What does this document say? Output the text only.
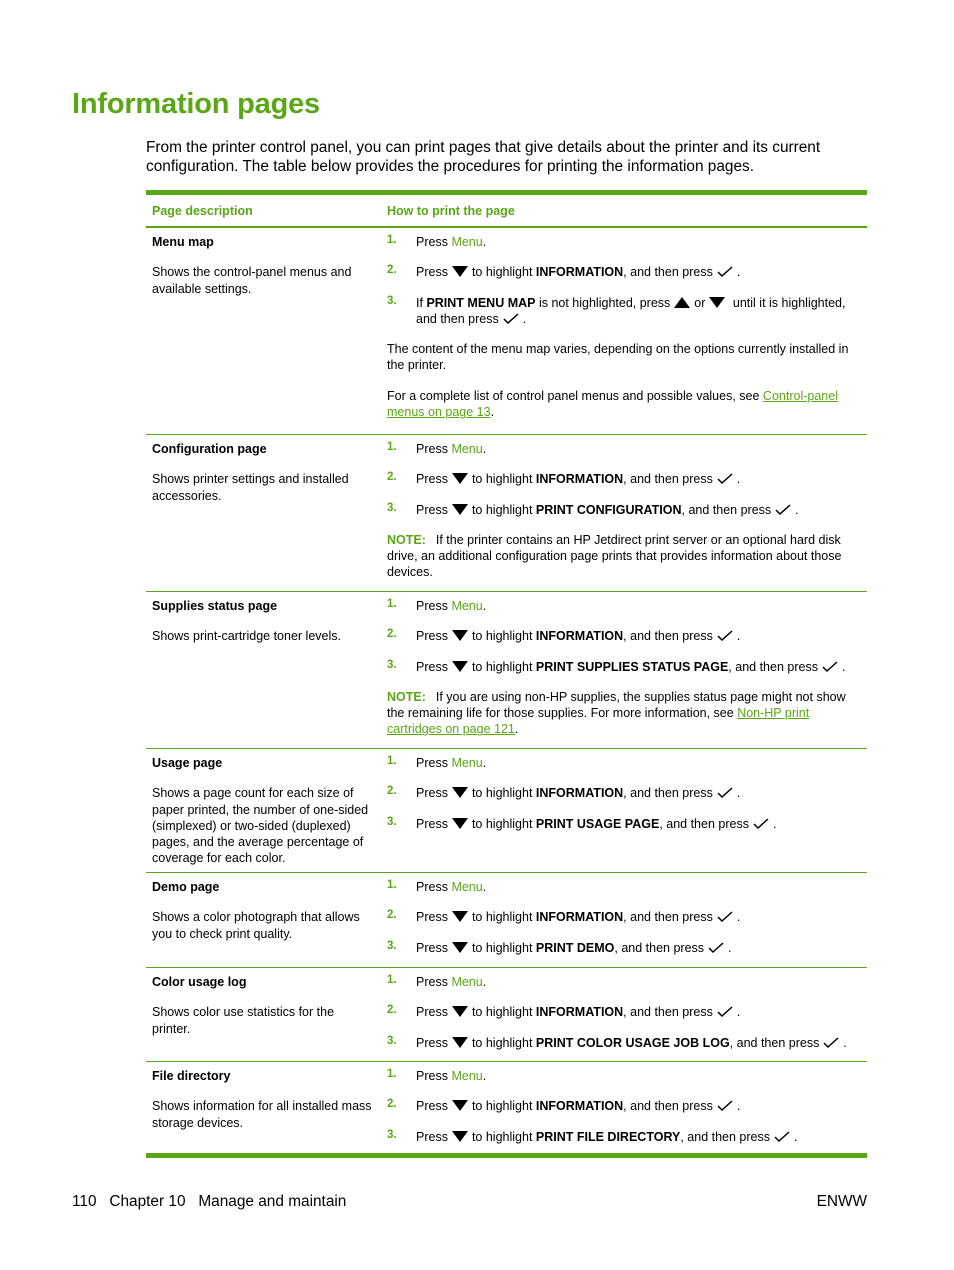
Information pages

From the printer control panel, you can print pages that give details about the printer and its current configuration. The table below provides the procedures for printing the information pages.

Page description	How to print the page
Menu map
Shows the control-panel menus and available settings.
1. Press Menu.
2. Press to highlight INFORMATION, and then press .
3. If PRINT MENU MAP is not highlighted, press or until it is highlighted, and then press .
The content of the menu map varies, depending on the options currently installed in the printer.
For a complete list of control panel menus and possible values, see Control-panel menus on page 13.
Configuration page
Shows printer settings and installed accessories.
1. Press Menu.
2. Press to highlight INFORMATION, and then press .
3. Press to highlight PRINT CONFIGURATION, and then press .
NOTE: If the printer contains an HP Jetdirect print server or an optional hard disk drive, an additional configuration page prints that provides information about those devices.
Supplies status page
Shows print-cartridge toner levels.
1. Press Menu.
2. Press to highlight INFORMATION, and then press .
3. Press to highlight PRINT SUPPLIES STATUS PAGE, and then press .
NOTE: If you are using non-HP supplies, the supplies status page might not show the remaining life for those supplies. For more information, see Non-HP print cartridges on page 121.
Usage page
Shows a page count for each size of paper printed, the number of one-sided (simplexed) or two-sided (duplexed) pages, and the average percentage of coverage for each color.
1. Press Menu.
2. Press to highlight INFORMATION, and then press .
3. Press to highlight PRINT USAGE PAGE, and then press .
Demo page
Shows a color photograph that allows you to check print quality.
1. Press Menu.
2. Press to highlight INFORMATION, and then press .
3. Press to highlight PRINT DEMO, and then press .
Color usage log
Shows color use statistics for the printer.
1. Press Menu.
2. Press to highlight INFORMATION, and then press .
3. Press to highlight PRINT COLOR USAGE JOB LOG, and then press .
File directory
Shows information for all installed mass storage devices.
1. Press Menu.
2. Press to highlight INFORMATION, and then press .
3. Press to highlight PRINT FILE DIRECTORY, and then press .
110   Chapter 10   Manage and maintain	ENWW
